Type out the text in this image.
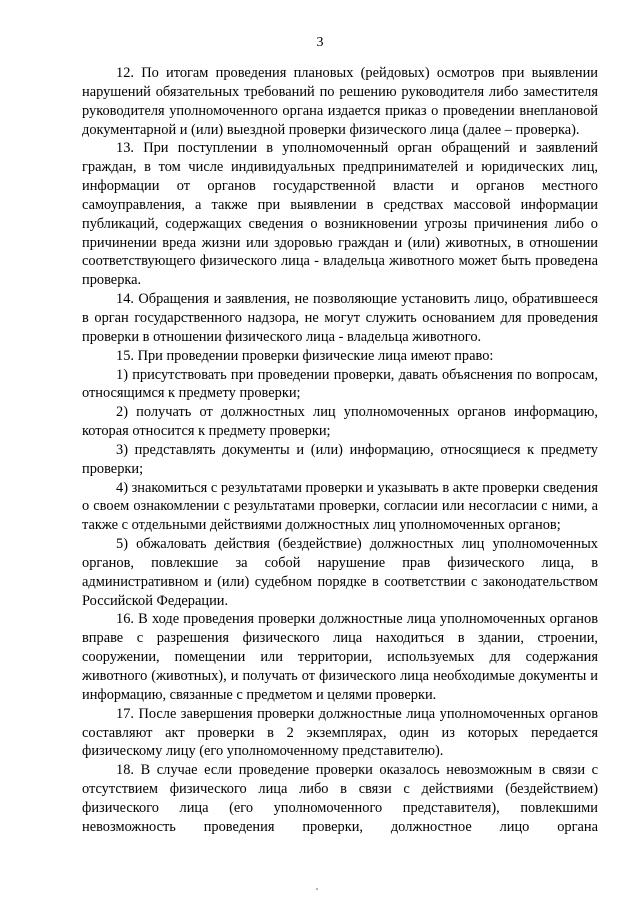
3

12. По итогам проведения плановых (рейдовых) осмотров при выявлении нарушений обязательных требований по решению руководителя либо заместителя руководителя уполномоченного органа издается приказ о проведении внеплановой документарной и (или) выездной проверки физического лица (далее – проверка).

13. При поступлении в уполномоченный орган обращений и заявлений граждан, в том числе индивидуальных предпринимателей и юридических лиц, информации от органов государственной власти и органов местного самоуправления, а также при выявлении в средствах массовой информации публикаций, содержащих сведения о возникновении угрозы причинения либо о причинении вреда жизни или здоровью граждан и (или) животных, в отношении соответствующего физического лица - владельца животного может быть проведена проверка.

14. Обращения и заявления, не позволяющие установить лицо, обратившееся в орган государственного надзора, не могут служить основанием для проведения проверки в отношении физического лица - владельца животного.

15. При проведении проверки физические лица имеют право:

1) присутствовать при проведении проверки, давать объяснения по вопросам, относящимся к предмету проверки;

2) получать от должностных лиц уполномоченных органов информацию, которая относится к предмету проверки;

3) представлять документы и (или) информацию, относящиеся к предмету проверки;

4) знакомиться с результатами проверки и указывать в акте проверки сведения о своем ознакомлении с результатами проверки, согласии или несогласии с ними, а также с отдельными действиями должностных лиц уполномоченных органов;

5) обжаловать действия (бездействие) должностных лиц уполномоченных органов, повлекшие за собой нарушение прав физического лица, в административном и (или) судебном порядке в соответствии с законодательством Российской Федерации.

16. В ходе проведения проверки должностные лица уполномоченных органов вправе с разрешения физического лица находиться в здании, строении, сооружении, помещении или территории, используемых для содержания животного (животных), и получать от физического лица необходимые документы и информацию, связанные с предметом и целями проверки.

17. После завершения проверки должностные лица уполномоченных органов составляют акт проверки в 2 экземплярах, один из которых передается физическому лицу (его уполномоченному представителю).

18. В случае если проведение проверки оказалось невозможным в связи с отсутствием физического лица либо в связи с действиями (бездействием) физического лица (его уполномоченного представителя), повлекшими невозможность проведения проверки, должностное лицо органа
